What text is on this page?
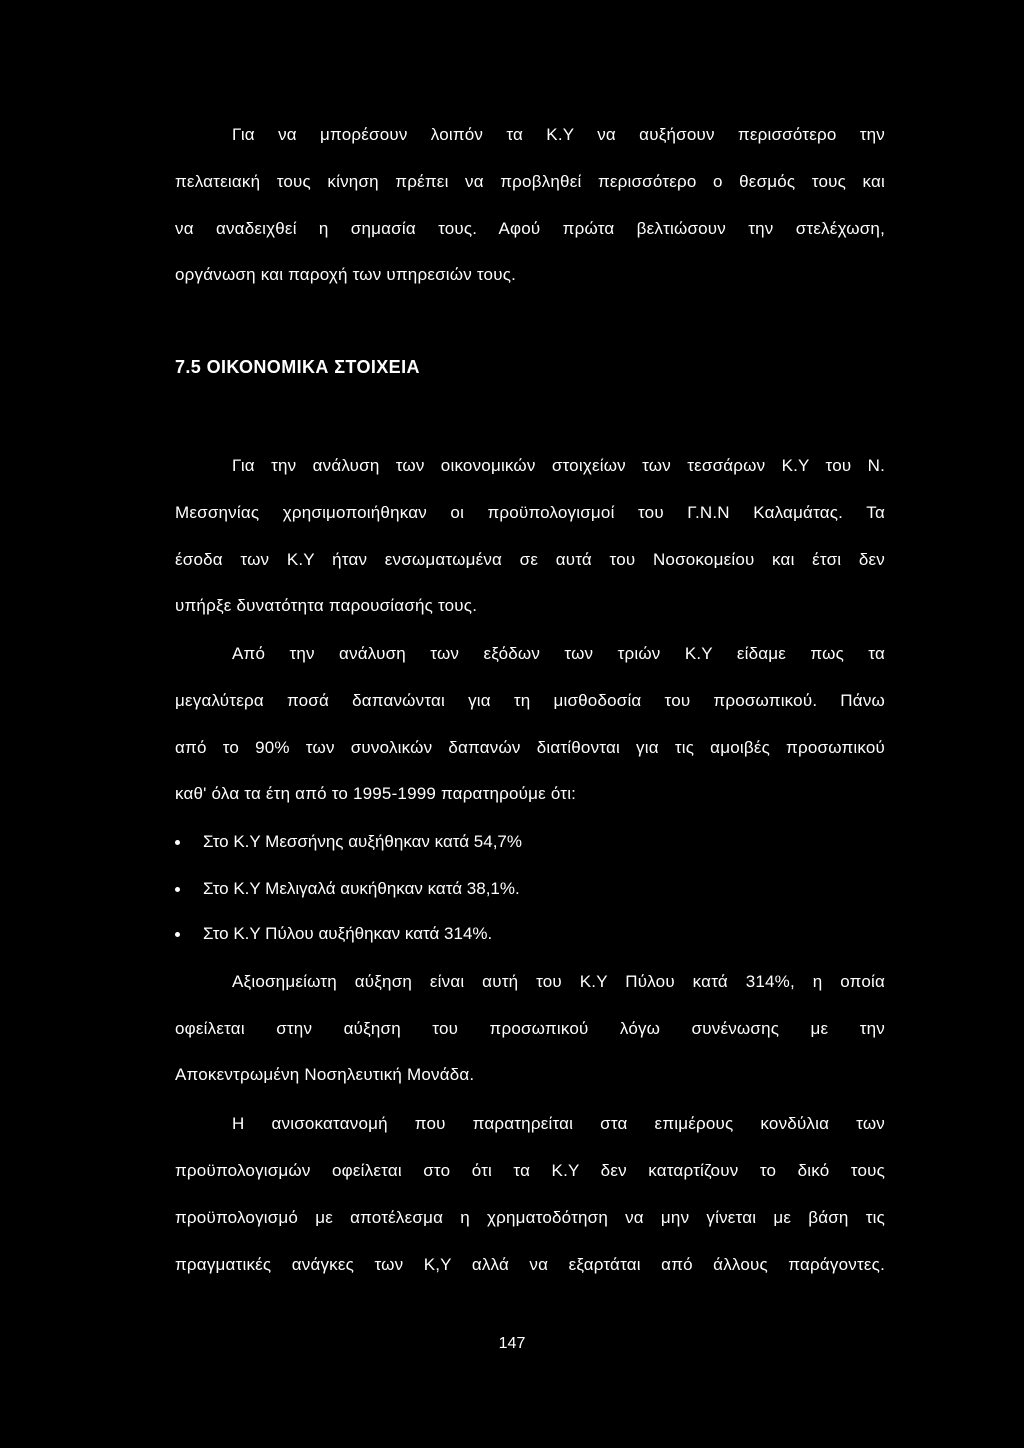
Για να μπορέσουν λοιπόν τα Κ.Υ να αυξήσουν περισσότερο την
πελατειακή τους κίνηση πρέπει να προβληθεί περισσότερο ο θεσμός τους και
να αναδειχθεί η σημασία τους. Αφού πρώτα βελτιώσουν την στελέχωση,
οργάνωση και παροχή των υπηρεσιών τους.
7.5 ΟΙΚΟΝΟΜΙΚΑ ΣΤΟΙΧΕΙΑ
Για την ανάλυση των οικονομικών στοιχείων των τεσσάρων Κ.Υ του Ν.
Μεσσηνίας χρησιμοποιήθηκαν οι προϋπολογισμοί του Γ.Ν.Ν Καλαμάτας. Τα
έσοδα των Κ.Υ ήταν ενσωματωμένα σε αυτά του Νοσοκομείου και έτσι δεν
υπήρξε δυνατότητα παρουσίασής τους.
Από την ανάλυση των εξόδων των τριών Κ.Υ είδαμε πως τα
μεγαλύτερα ποσά δαπανώνται για τη μισθοδοσία του προσωπικού. Πάνω
από το 90% των συνολικών δαπανών διατίθονται για τις αμοιβές προσωπικού
καθ' όλα τα έτη από το 1995-1999 παρατηρούμε ότι:
Στο Κ.Υ Μεσσήνης αυξήθηκαν κατά 54,7%
Στο Κ.Υ Μελιγαλά αυκήθηκαν κατά 38,1%.
Στο Κ.Υ Πύλου αυξήθηκαν κατά 314%.
Αξιοσημείωτη αύξηση είναι αυτή του Κ.Υ Πύλου κατά 314%, η οποία
οφείλεται στην αύξηση του προσωπικού λόγω συνένωσης με την
Αποκεντρωμένη Νοσηλευτική Μονάδα.
Η ανισοκατανομή που παρατηρείται στα επιμέρους κονδύλια των
προϋπολογισμών οφείλεται στο ότι τα Κ.Υ δεν καταρτίζουν το δικό τους
προϋπολογισμό με αποτέλεσμα η χρηματοδότηση να μην γίνεται με βάση τις
πραγματικές ανάγκες των Κ,Υ αλλά να εξαρτάται από άλλους παράγοντες.
147
